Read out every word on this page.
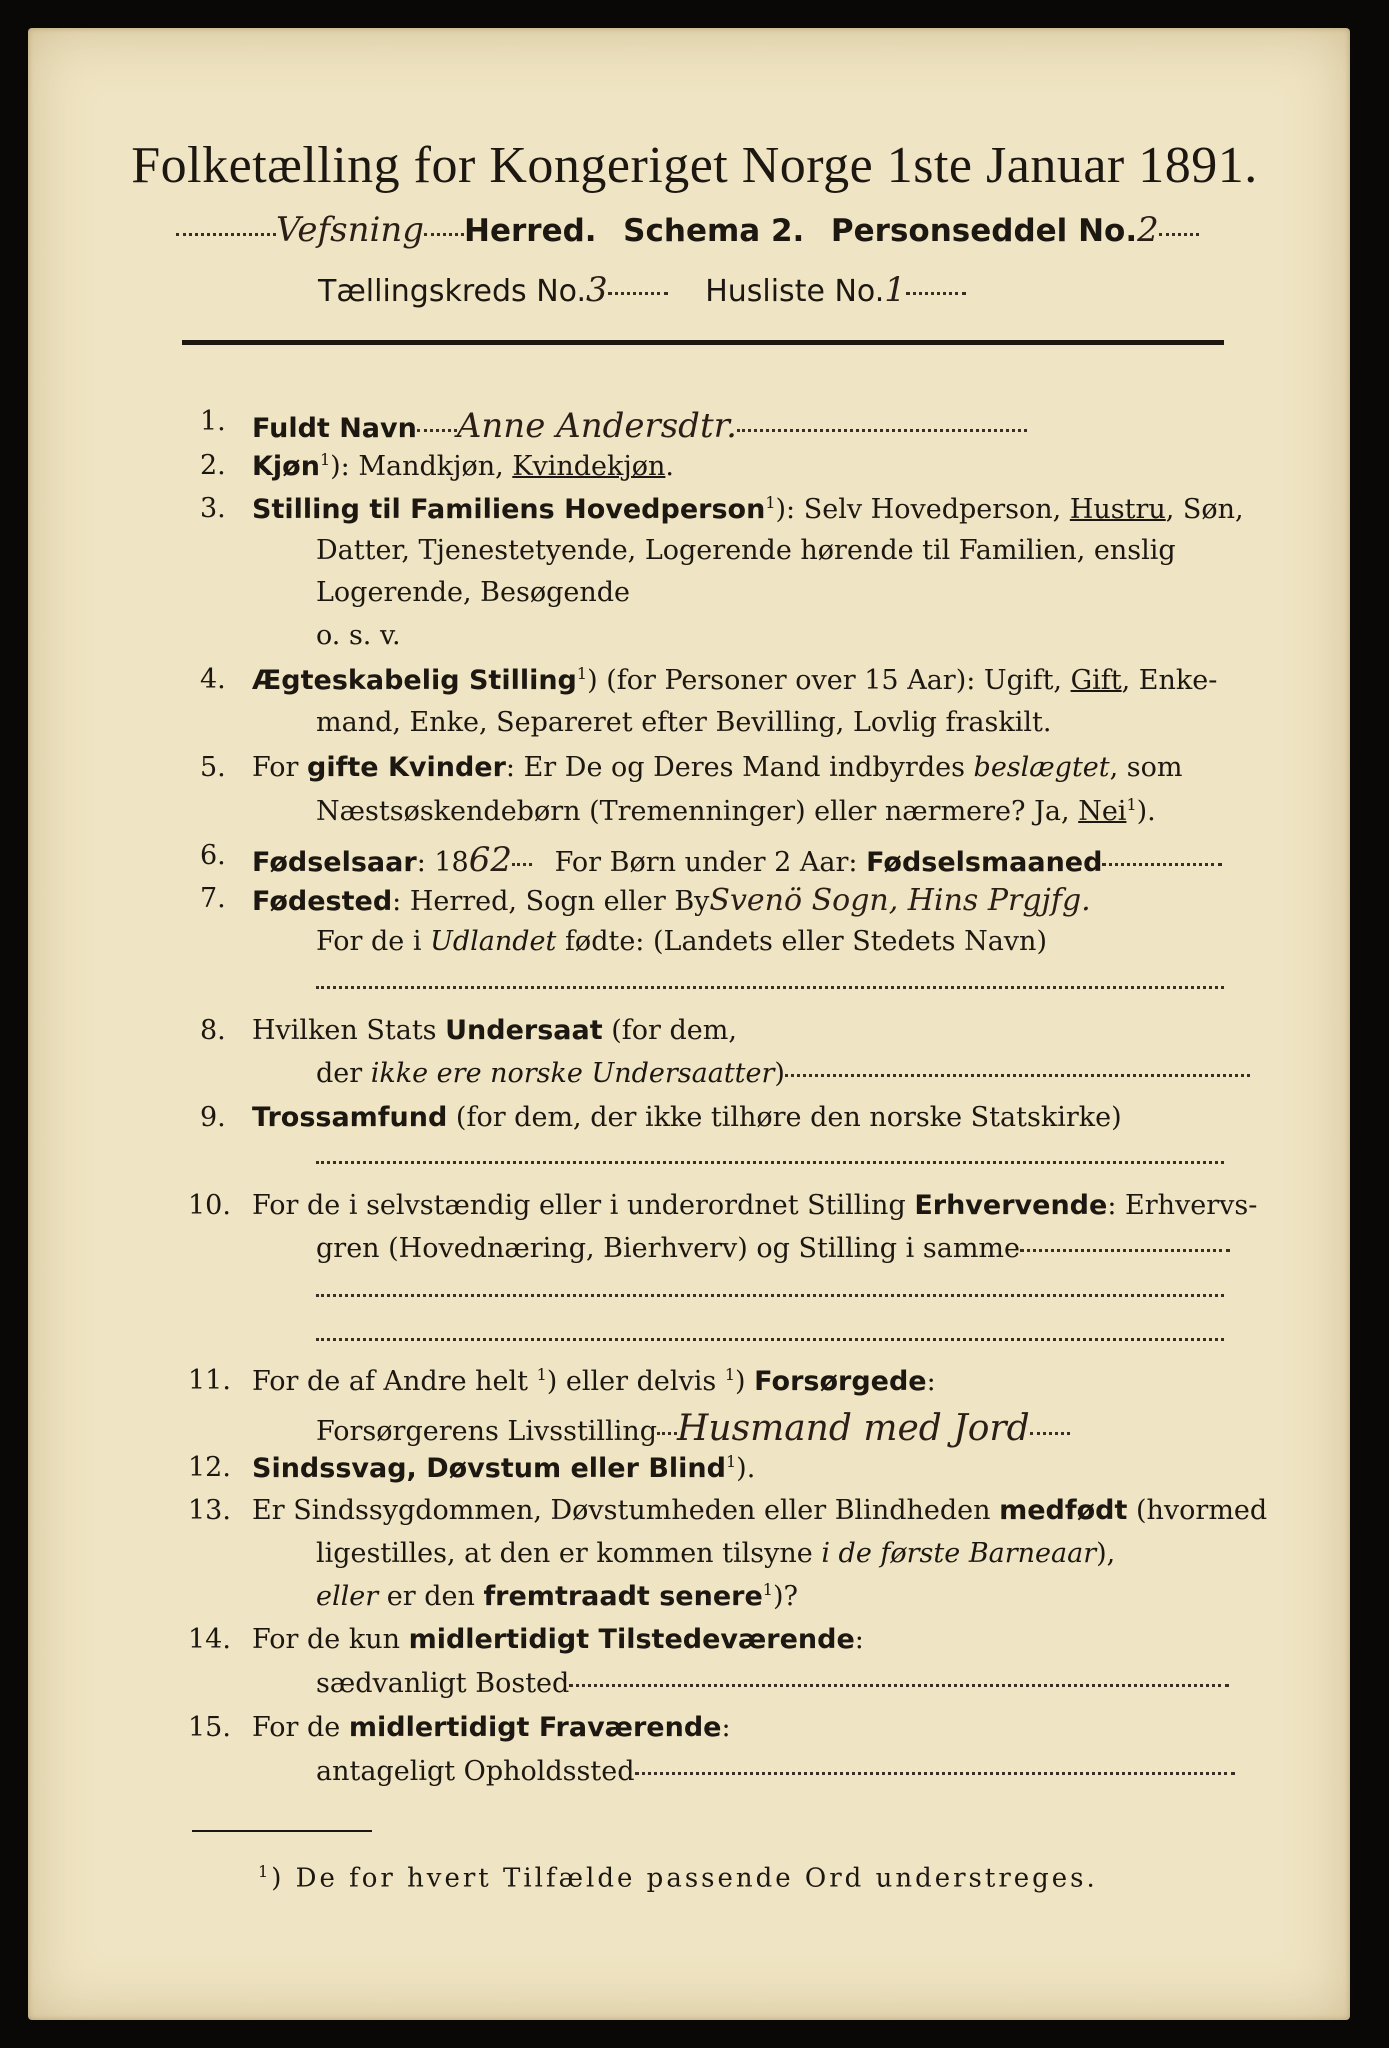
Folketælling for Kongeriget Norge 1ste Januar 1891.
Vefsning Herred. Schema 2. Personseddel No.2
Tællingskreds No.3	Husliste No.1
1. Fuldt Navn Anne Andersdtr.
2. Kjøn$^1$): Mandkjøn, Kvindekjøn.
3. Stilling til Familiens Hovedperson$^1$): Selv Hovedperson, Hustru, Søn,
Datter, Tjenestetyende, Logerende hørende til Familien, enslig
Logerende, Besøgende
o. s. v.
4. Ægteskabelig Stilling$^1$) (for Personer over 15 Aar): Ugift, Gift, Enke-
mand, Enke, Separeret efter Bevilling, Lovlig fraskilt.
5. For gifte Kvinder: Er De og Deres Mand indbyrdes beslægtet, som
Næstsøskendebørn (Tremenninger) eller nærmere? Ja, Nei$^1$).
6. Fødselsaar: 1862 For Børn under 2 Aar: Fødselsmaaned
7. Fødested: Herred, Sogn eller BySvenö Sogn, Hins Prgjfg.
For de i Udlandet fødte: (Landets eller Stedets Navn)
8. Hvilken Stats Undersaat (for dem,
der ikke ere norske Undersaatter)
9. Trossamfund (for dem, der ikke tilhøre den norske Statskirke)
10. For de i selvstændig eller i underordnet Stilling Erhvervende: Erhvervs-
gren (Hovednæring, Bierhverv) og Stilling i samme
11. For de af Andre helt $^1$) eller delvis $^1$) Forsørgede:
Forsørgerens Livsstilling Husmand med Jord
12. Sindssvag, Døvstum eller Blind$^1$).
13. Er Sindssygdommen, Døvstumheden eller Blindheden medfødt (hvormed
ligestilles, at den er kommen tilsyne i de første Barneaar),
eller er den fremtraadt senere$^1$)?
14. For de kun midlertidigt Tilstedeværende:
sædvanligt Bosted
15. For de midlertidigt Fraværende:
antageligt Opholdssted
$^1$) De for hvert Tilfælde passende Ord understreges.
